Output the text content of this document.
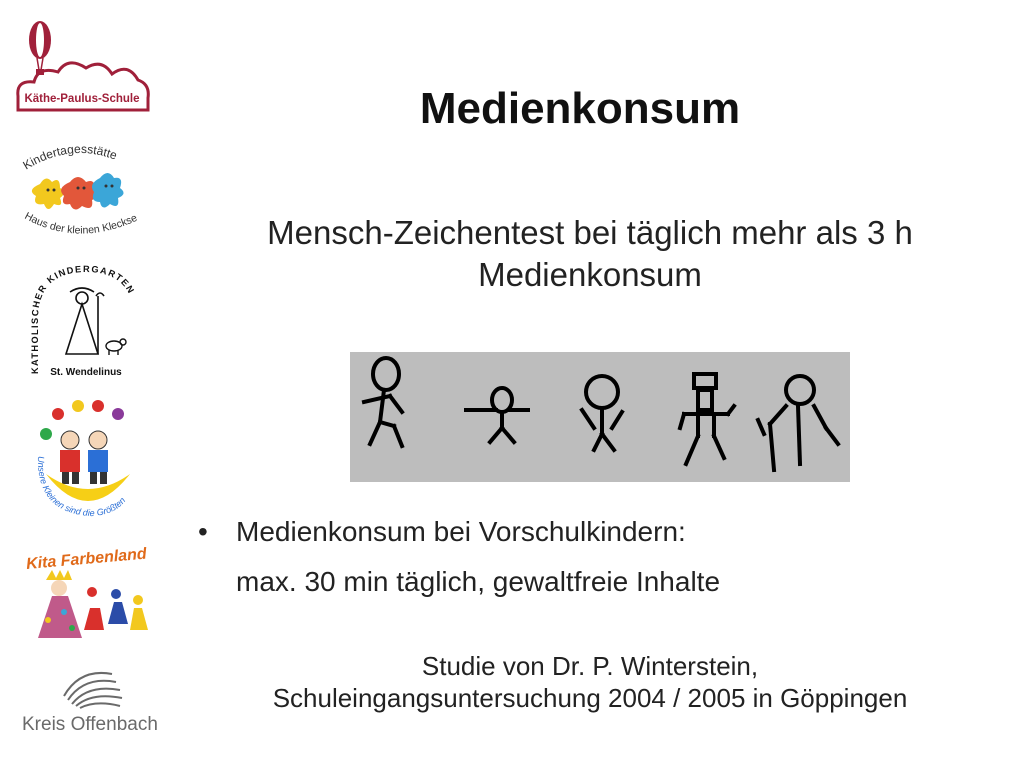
Käthe-Paulus-Schule
Kindertagesstätte
Haus der kleinen Kleckse
KATHOLISCHER KINDERGARTEN
St. Wendelinus
Unsere Kleinen sind die Größten
Kita Farbenland
Kreis Offenbach
Medienkonsum
Mensch-Zeichentest bei täglich mehr als 3 h
Medienkonsum
• Medienkonsum bei Vorschulkindern:
max. 30 min täglich, gewaltfreie Inhalte
Studie von Dr. P. Winterstein,
Schuleingangsuntersuchung 2004 / 2005 in Göppingen
